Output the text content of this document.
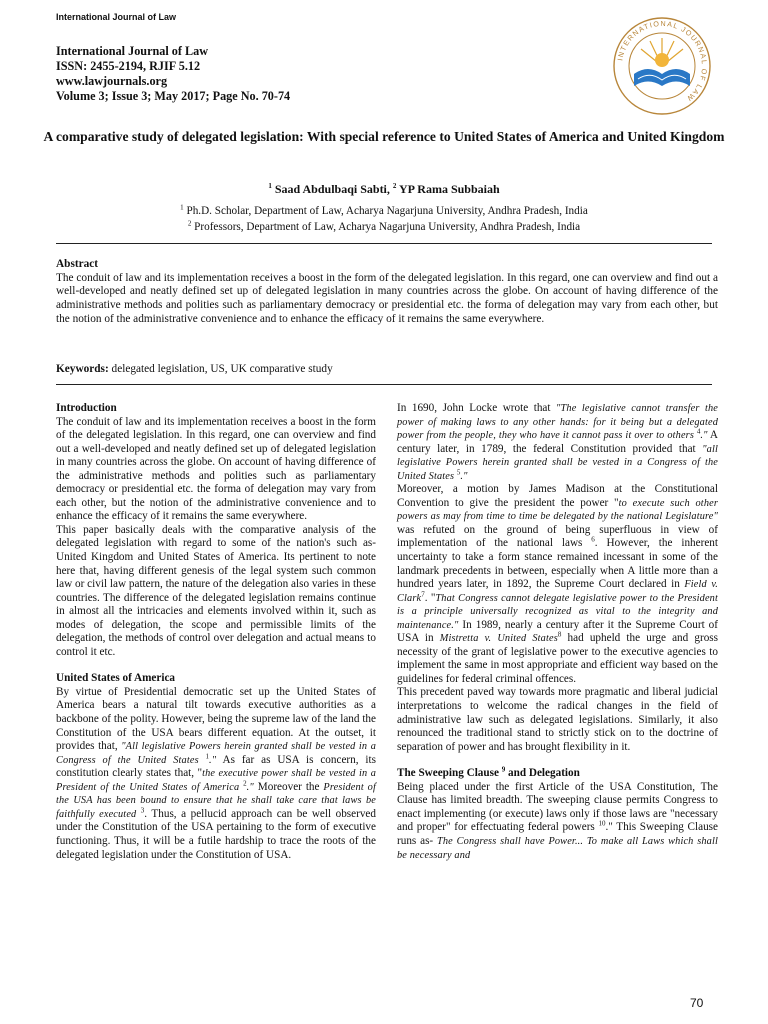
International Journal of Law
International Journal of Law
ISSN: 2455-2194, RJIF 5.12
www.lawjournals.org
Volume 3; Issue 3; May 2017; Page No. 70-74
INTERNATIONAL JOURNAL OF LAW
A comparative study of delegated legislation: With special reference to United States of America and United Kingdom
$^1$ Saad Abdulbaqi Sabti, $^2$ YP Rama Subbaiah
$^1$ Ph.D. Scholar, Department of Law, Acharya Nagarjuna University, Andhra Pradesh, India
$^2$ Professors, Department of Law, Acharya Nagarjuna University, Andhra Pradesh, India
Abstract
The conduit of law and its implementation receives a boost in the form of the delegated legislation. In this regard, one can overview and find out a well-developed and neatly defined set up of delegated legislation in many countries across the globe. On account of having difference of the administrative methods and polities such as parliamentary democracy or presidential etc. the forma of delegation may vary from each other, but the notion of the administrative convenience and to enhance the efficacy of it remains the same everywhere.
Keywords: delegated legislation, US, UK comparative study

Introduction

The conduit of law and its implementation receives a boost in the form of the delegated legislation. In this regard, one can overview and find out a well-developed and neatly defined set up of delegated legislation in many countries across the globe. On account of having difference of the administrative methods and polities such as parliamentary democracy or presidential etc. the forma of delegation may vary from each other, but the notion of the administrative convenience and to enhance the efficacy of it remains the same everywhere.

This paper basically deals with the comparative analysis of the delegated legislation with regard to some of the nation's such as- United Kingdom and United States of America. Its pertinent to note here that, having different genesis of the legal system such common law or civil law pattern, the nature of the delegation also varies in these countries. The difference of the delegated legislation remains continue in almost all the intricacies and elements involved within it, such as modes of delegation, the scope and permissible limits of the delegation, the methods of control over delegation and actual means to control it etc.

United States of America

By virtue of Presidential democratic set up the United States of America bears a natural tilt towards executive authorities as a backbone of the polity. However, being the supreme law of the land the Constitution of the USA bears different equation. At the outset, it provides that, "All legislative Powers herein granted shall be vested in a Congress of the United States $^1$." As far as USA is concern, its constitution clearly states that, "the executive power shall be vested in a President of the United States of America $^2$." Moreover the President of the USA has been bound to ensure that he shall take care that laws be faithfully executed $^3$. Thus, a pellucid approach can be well observed under the Constitution of the USA pertaining to the form of executive functioning. Thus, it will be a futile hardship to trace the roots of the delegated legislation under the Constitution of USA.

In 1690, John Locke wrote that "The legislative cannot transfer the power of making laws to any other hands: for it being but a delegated power from the people, they who have it cannot pass it over to others $^4$." A century later, in 1789, the federal Constitution provided that "all legislative Powers herein granted shall be vested in a Congress of the United States $^5$."

Moreover, a motion by James Madison at the Constitutional Convention to give the president the power "to execute such other powers as may from time to time be delegated by the national Legislature" was refuted on the ground of being superfluous in view of implementation of the national laws $^6$. However, the inherent uncertainty to take a form stance remained incessant in some of the landmark precedents in between, especially when A little more than a hundred years later, in 1892, the Supreme Court declared in Field v. Clark$^7$. "That Congress cannot delegate legislative power to the President is a principle universally recognized as vital to the integrity and maintenance." In 1989, nearly a century after it the Supreme Court of USA in Mistretta v. United States$^8$ had upheld the urge and gross necessity of the grant of legislative power to the executive agencies to implement the same in most appropriate and efficient way based on the guidelines for federal criminal offences.

This precedent paved way towards more pragmatic and liberal judicial interpretations to welcome the radical changes in the field of administrative law such as delegated legislations. Similarly, it also renounced the traditional stand to strictly stick on to the doctrine of separation of power and has brought flexibility in it.

The Sweeping Clause $^9$ and Delegation

Being placed under the first Article of the USA Constitution, The Clause has limited breadth. The sweeping clause permits Congress to enact implementing (or execute) laws only if those laws are "necessary and proper" for effectuating federal powers $^{10}$." This Sweeping Clause runs as- The Congress shall have Power... To make all Laws which shall be necessary and

70
